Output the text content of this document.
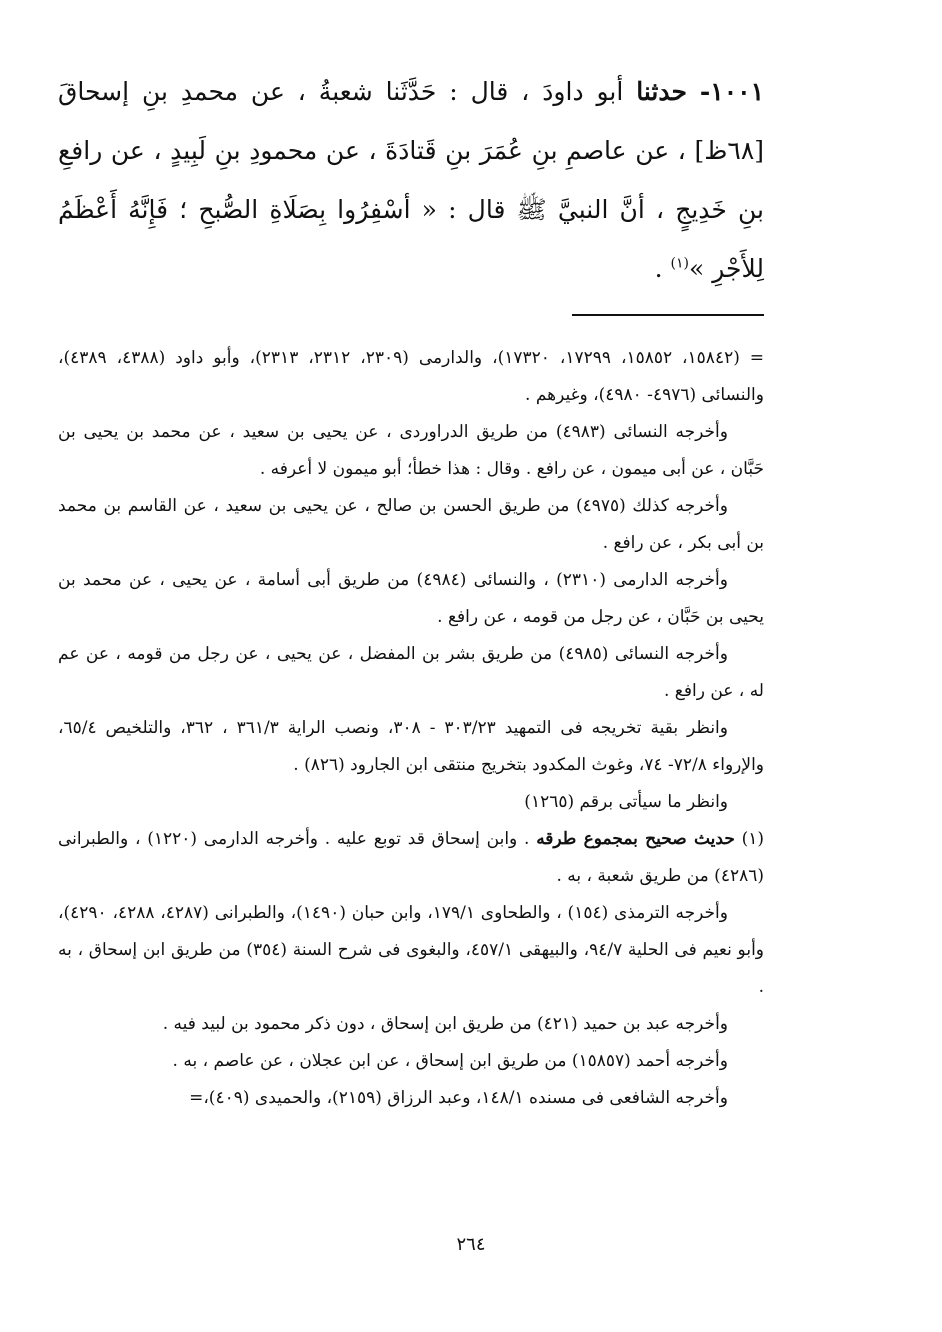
١٠٠١- حدثنا أبو داودَ ، قال : حَدَّثَنا شعبةُ ، عن محمدِ بنِ إسحاقَ [٦٨ظ] ، عن عاصمِ بنِ عُمَرَ بنِ قَتادَةَ ، عن محمودِ بنِ لَبِيدٍ ، عن رافعِ بنِ خَدِيجٍ ، أنَّ النبيَّ ﷺ قال : « أسْفِرُوا بِصَلَاةِ الصُّبحِ ؛ فَإِنَّهُ أَعْظَمُ لِلأَجْرِ »$^{(١)}$ .

= (١٥٨٤٢، ١٥٨٥٢، ١٧٢٩٩، ١٧٣٢٠)، والدارمى (٢٣٠٩، ٢٣١٢، ٢٣١٣)، وأبو داود (٤٣٨٨، ٤٣٨٩)، والنسائى (٤٩٧٦- ٤٩٨٠)، وغيرهم .

وأخرجه النسائى (٤٩٨٣) من طريق الدراوردى ، عن يحيى بن سعيد ، عن محمد بن يحيى بن حَبَّان ، عن أبى ميمون ، عن رافع . وقال : هذا خطأ؛ أبو ميمون لا أعرفه .

وأخرجه كذلك (٤٩٧٥) من طريق الحسن بن صالح ، عن يحيى بن سعيد ، عن القاسم بن محمد بن أبى بكر ، عن رافع .

وأخرجه الدارمى (٢٣١٠) ، والنسائى (٤٩٨٤) من طريق أبى أسامة ، عن يحيى ، عن محمد بن يحيى بن حَبَّان ، عن رجل من قومه ، عن رافع .

وأخرجه النسائى (٤٩٨٥) من طريق بشر بن المفضل ، عن يحيى ، عن رجل من قومه ، عن عم له ، عن رافع .

وانظر بقية تخريجه فى التمهيد ٣٠٣/٢٣ - ٣٠٨، ونصب الراية ٣٦١/٣ ، ٣٦٢، والتلخيص ٦٥/٤، والإرواء ٧٢/٨- ٧٤، وغوث المكدود بتخريج منتقى ابن الجارود (٨٢٦) .

وانظر ما سيأتى برقم (١٢٦٥)

(١) حديث صحيح بمجموع طرقه . وابن إسحاق قد توبع عليه . وأخرجه الدارمى (١٢٢٠) ، والطبرانى (٤٢٨٦) من طريق شعبة ، به .

وأخرجه الترمذى (١٥٤) ، والطحاوى ١٧٩/١، وابن حبان (١٤٩٠)، والطبرانى (٤٢٨٧، ٤٢٨٨، ٤٢٩٠)، وأبو نعيم فى الحلية ٩٤/٧، والبيهقى ٤٥٧/١، والبغوى فى شرح السنة (٣٥٤) من طريق ابن إسحاق ، به .

وأخرجه عبد بن حميد (٤٢١) من طريق ابن إسحاق ، دون ذكر محمود بن لبيد فيه .

وأخرجه أحمد (١٥٨٥٧) من طريق ابن إسحاق ، عن ابن عجلان ، عن عاصم ، به .

وأخرجه الشافعى فى مسنده ١٤٨/١، وعبد الرزاق (٢١٥٩)، والحميدى (٤٠٩)،=

٢٦٤
